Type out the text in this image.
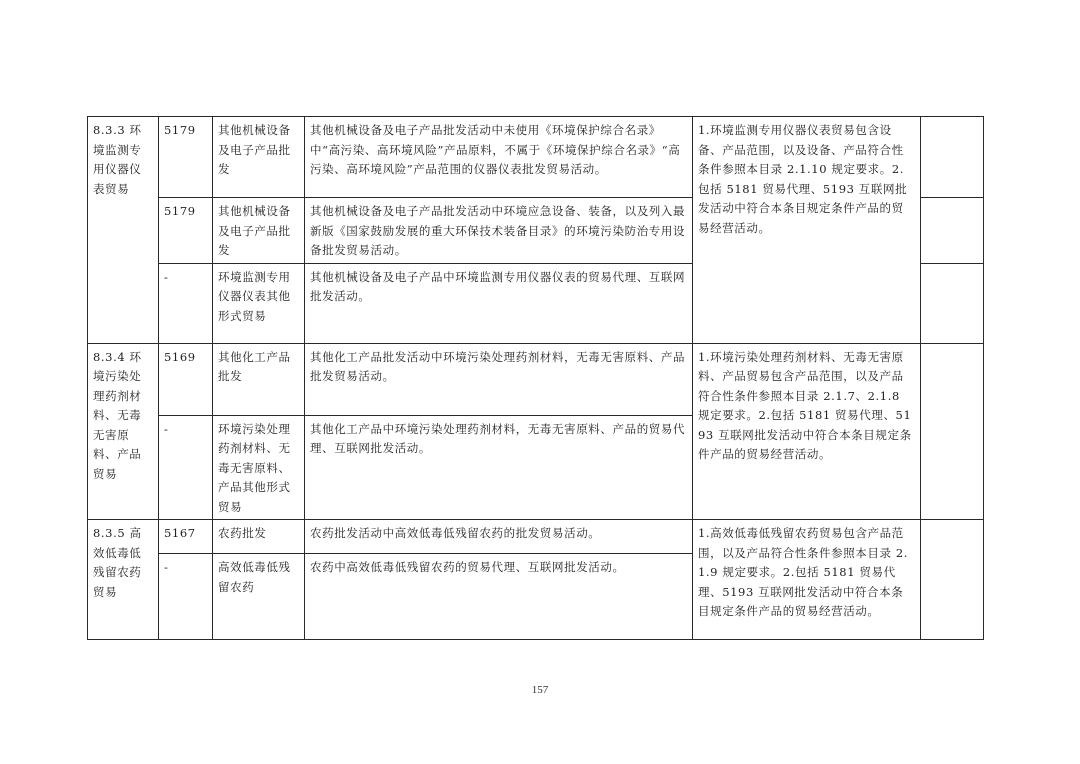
8.3.3 环境监测专用仪器仪表贸易	5179	其他机械设备及电子产品批发	其他机械设备及电子产品批发活动中未使用《环境保护综合名录》中“高污染、高环境风险”产品原料，不属于《环境保护综合名录》“高污染、高环境风险”产品范围的仪器仪表批发贸易活动。	1.环境监测专用仪器仪表贸易包含设备、产品范围，以及设备、产品符合性条件参照本目录 2.1.10 规定要求。2. 包括 5181 贸易代理、5193 互联网批发活动中符合本条目规定条件产品的贸易经营活动。	
	5179	其他机械设备及电子产品批发	其他机械设备及电子产品批发活动中环境应急设备、装备，以及列入最新版《国家鼓励发展的重大环保技术装备目录》的环境污染防治专用设备批发贸易活动。		
	-	环境监测专用仪器仪表其他形式贸易	其他机械设备及电子产品中环境监测专用仪器仪表的贸易代理、互联网批发活动。		
8.3.4 环境污染处理药剂材料、无毒无害原料、产品贸易	5169	其他化工产品批发	其他化工产品批发活动中环境污染处理药剂材料，无毒无害原料、产品批发贸易活动。	1.环境污染处理药剂材料、无毒无害原料、产品贸易包含产品范围，以及产品符合性条件参照本目录 2.1.7、2.1.8 规定要求。2.包括 5181 贸易代理、5193 互联网批发活动中符合本条目规定条件产品的贸易经营活动。	
	-	环境污染处理药剂材料、无毒无害原料、产品其他形式贸易	其他化工产品中环境污染处理药剂材料，无毒无害原料、产品的贸易代理、互联网批发活动。		
8.3.5 高效低毒低残留农药贸易	5167	农药批发	农药批发活动中高效低毒低残留农药的批发贸易活动。	1.高效低毒低残留农药贸易包含产品范围，以及产品符合性条件参照本目录 2.1.9 规定要求。2.包括 5181 贸易代理、5193 互联网批发活动中符合本条目规定条件产品的贸易经营活动。	
	-	高效低毒低残留农药	农药中高效低毒低残留农药的贸易代理、互联网批发活动。		
157
